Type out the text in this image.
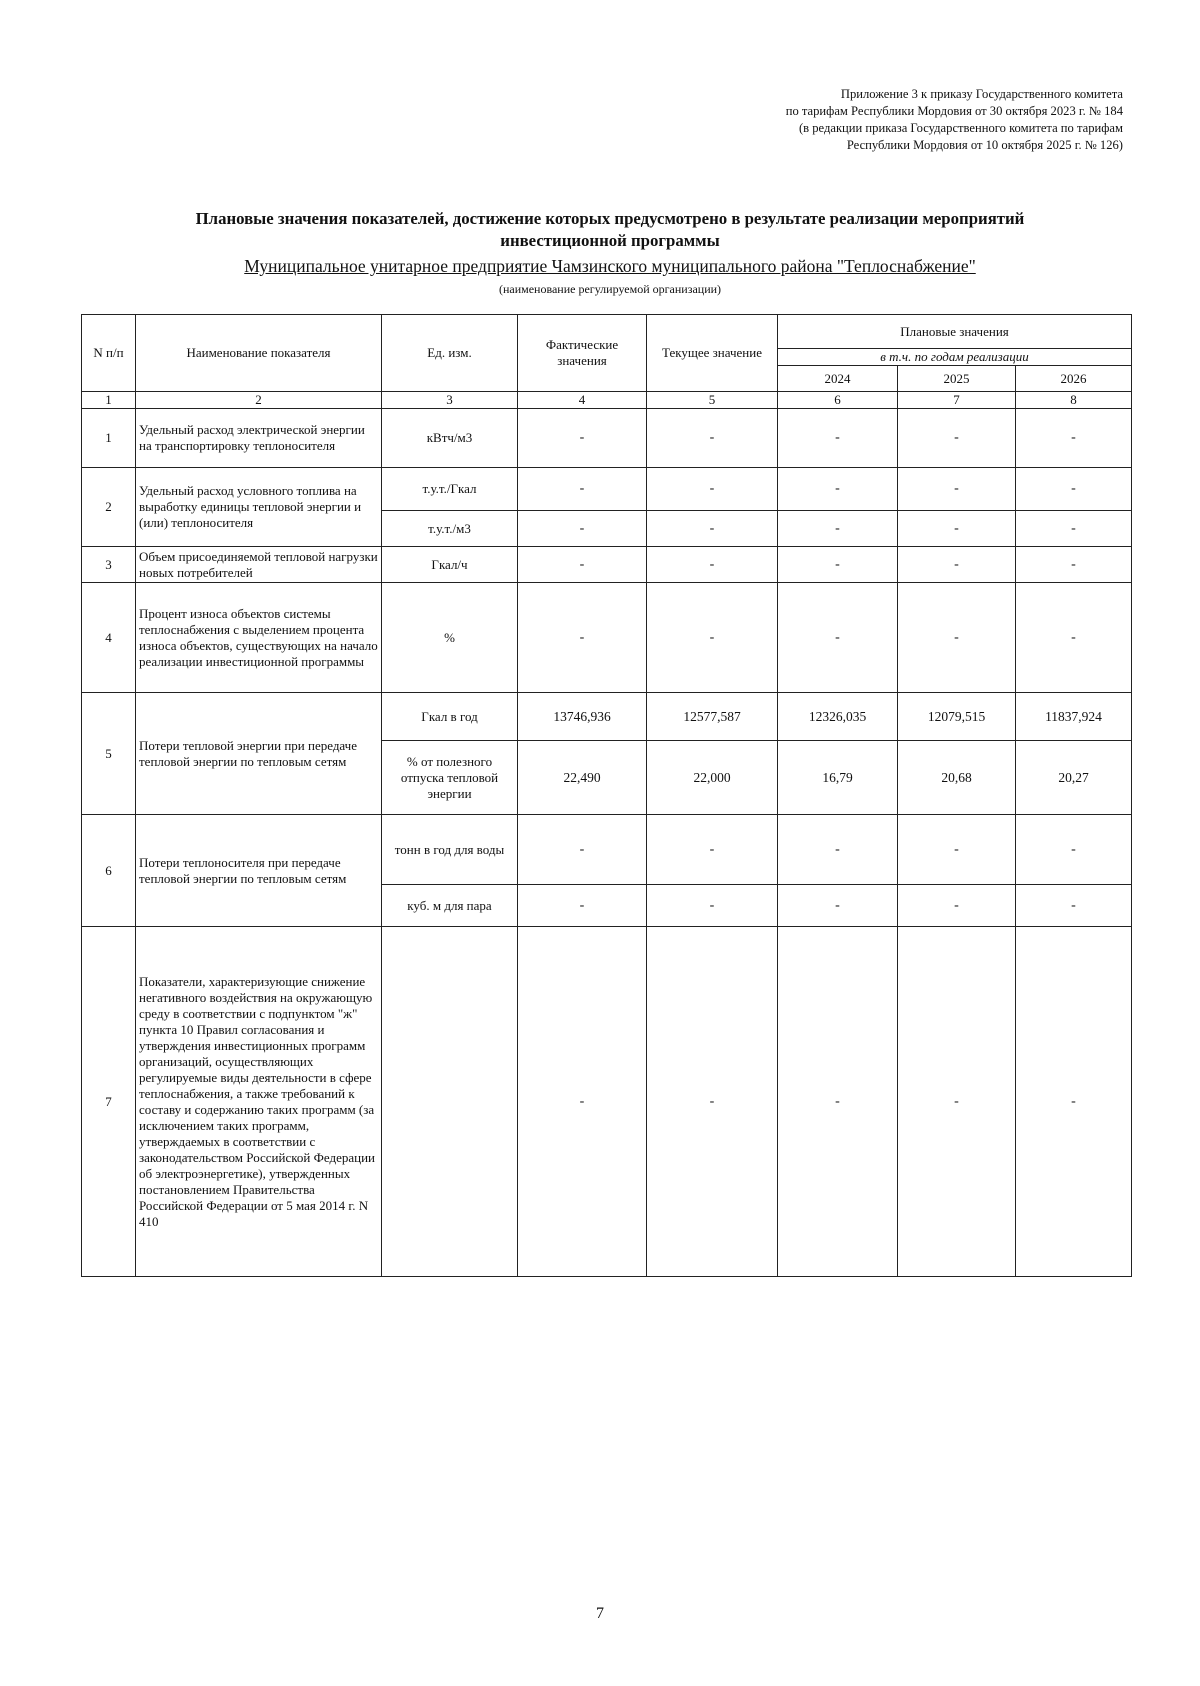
Приложение 3 к приказу Государственного комитета
по тарифам Республики Мордовия от 30 октября 2023 г. № 184
(в редакции приказа Государственного комитета по тарифам
Республики Мордовия от 10 октября 2025 г. № 126)
Плановые значения показателей, достижение которых предусмотрено в результате реализации мероприятий
инвестиционной программы
Муниципальное унитарное предприятие Чамзинского муниципального района "Теплоснабжение"
(наименование регулируемой организации)
N п/п	Наименование показателя	Ед. изм.	Фактические значения	Текущее значение	Плановые значения		
					в т.ч. по годам реализации		
					2024	2025	2026
1	2	3	4	5	6	7	8
1	Удельный расход электрической энергии на транспортировку теплоносителя	кВтч/м3	-	-	-	-	-
2	Удельный расход условного топлива на выработку единицы тепловой энергии и (или) теплоносителя	т.у.т./Гкал	-	-	-	-	-
		т.у.т./м3	-	-	-	-	-
3	Объем присоединяемой тепловой нагрузки новых потребителей	Гкал/ч	-	-	-	-	-
4	Процент износа объектов системы теплоснабжения с выделением процента износа объектов, существующих на начало реализации инвестиционной программы	%	-	-	-	-	-
5	Потери тепловой энергии при передаче тепловой энергии по тепловым сетям	Гкал в год	13746,936	12577,587	12326,035	12079,515	11837,924
		% от полезного отпуска тепловой энергии	22,490	22,000	16,79	20,68	20,27
6	Потери теплоносителя при передаче тепловой энергии по тепловым сетям	тонн в год для воды	-	-	-	-	-
		куб. м для пара	-	-	-	-	-
7	Показатели, характеризующие снижение негативного воздействия на окружающую среду в соответствии с подпунктом "ж" пункта 10 Правил согласования и утверждения инвестиционных программ организаций, осуществляющих регулируемые виды деятельности в сфере теплоснабжения, а также требований к составу и содержанию таких программ (за исключением таких программ, утверждаемых в соответствии с законодательством Российской Федерации об электроэнергетике), утвержденных постановлением Правительства Российской Федерации от 5 мая 2014 г. N 410		-	-	-	-	-
7
